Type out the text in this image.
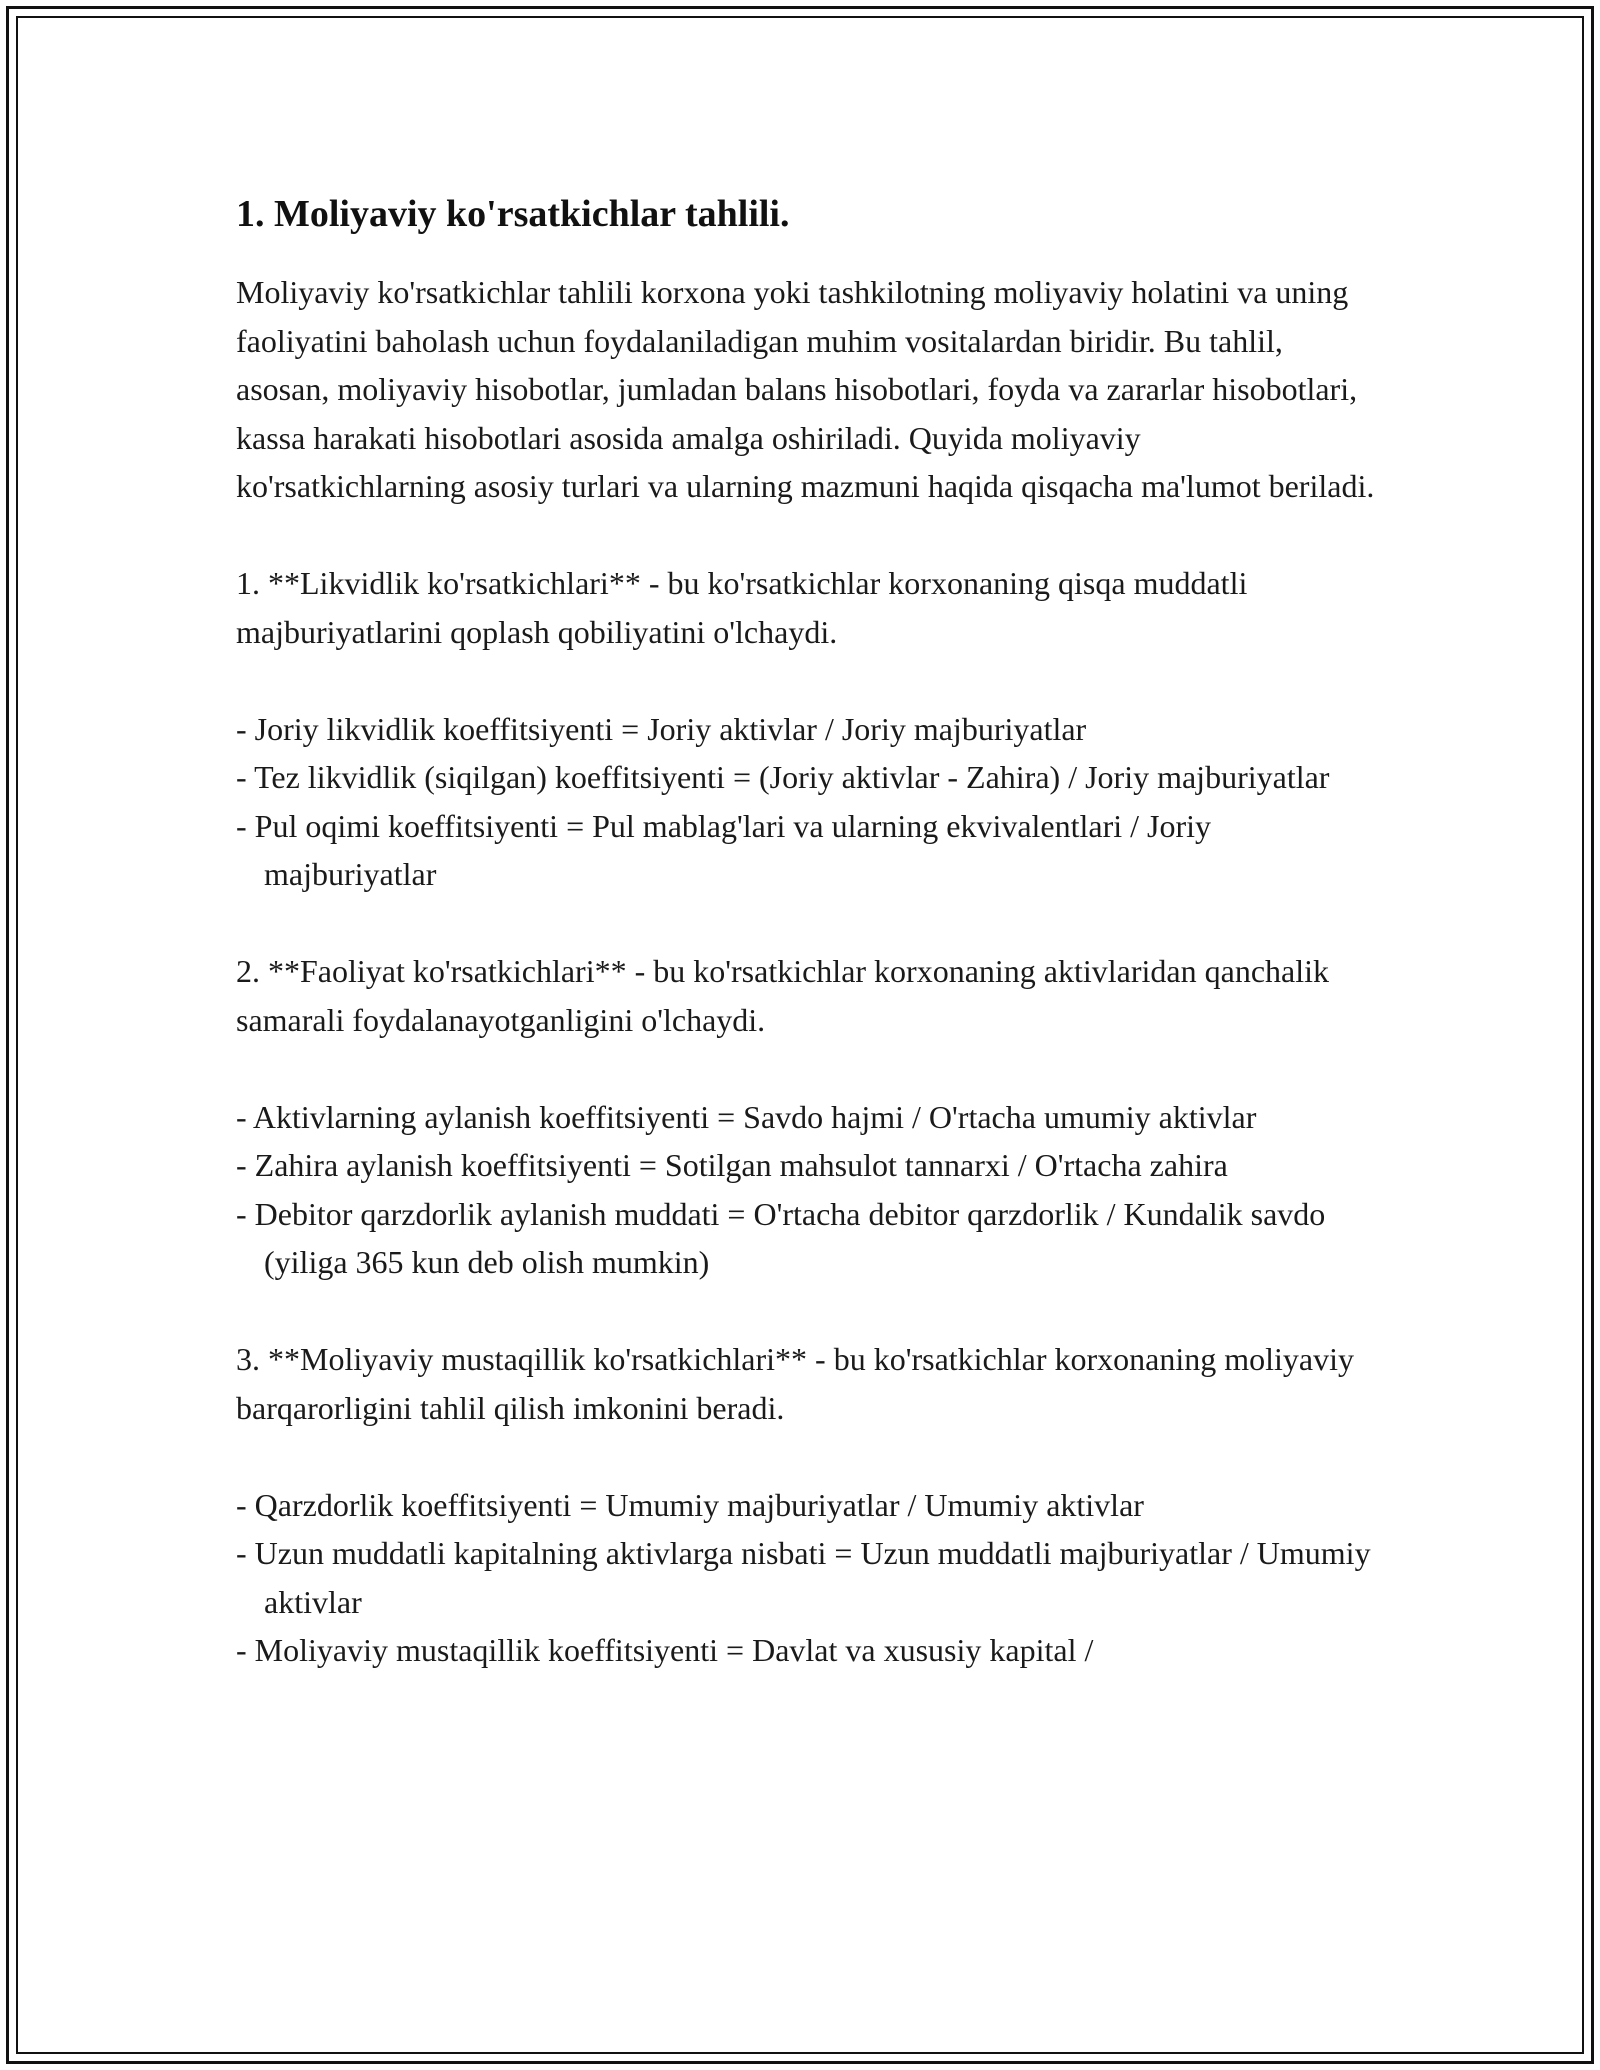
1. Moliyaviy ko'rsatkichlar tahlili.

Moliyaviy ko'rsatkichlar tahlili korxona yoki tashkilotning moliyaviy holatini va uning faoliyatini baholash uchun foydalaniladigan muhim vositalardan biridir. Bu tahlil, asosan, moliyaviy hisobotlar, jumladan balans hisobotlari, foyda va zararlar hisobotlari, kassa harakati hisobotlari asosida amalga oshiriladi. Quyida moliyaviy ko'rsatkichlarning asosiy turlari va ularning mazmuni haqida qisqacha ma'lumot beriladi.

1. **Likvidlik ko'rsatkichlari** - bu ko'rsatkichlar korxonaning qisqa muddatli majburiyatlarini qoplash qobiliyatini o'lchaydi.

- Joriy likvidlik koeffitsiyenti = Joriy aktivlar / Joriy majburiyatlar

- Tez likvidlik (siqilgan) koeffitsiyenti = (Joriy aktivlar - Zahira) / Joriy majburiyatlar

- Pul oqimi koeffitsiyenti = Pul mablag'lari va ularning ekvivalentlari / Joriy majburiyatlar

2. **Faoliyat ko'rsatkichlari** - bu ko'rsatkichlar korxonaning aktivlaridan qanchalik samarali foydalanayotganligini o'lchaydi.

- Aktivlarning aylanish koeffitsiyenti = Savdo hajmi / O'rtacha umumiy aktivlar

- Zahira aylanish koeffitsiyenti = Sotilgan mahsulot tannarxi / O'rtacha zahira

- Debitor qarzdorlik aylanish muddati = O'rtacha debitor qarzdorlik / Kundalik savdo (yiliga 365 kun deb olish mumkin)

3. **Moliyaviy mustaqillik ko'rsatkichlari** - bu ko'rsatkichlar korxonaning moliyaviy barqarorligini tahlil qilish imkonini beradi.

- Qarzdorlik koeffitsiyenti = Umumiy majburiyatlar / Umumiy aktivlar

- Uzun muddatli kapitalning aktivlarga nisbati = Uzun muddatli majburiyatlar / Umumiy aktivlar

- Moliyaviy mustaqillik koeffitsiyenti = Davlat va xususiy kapital /
